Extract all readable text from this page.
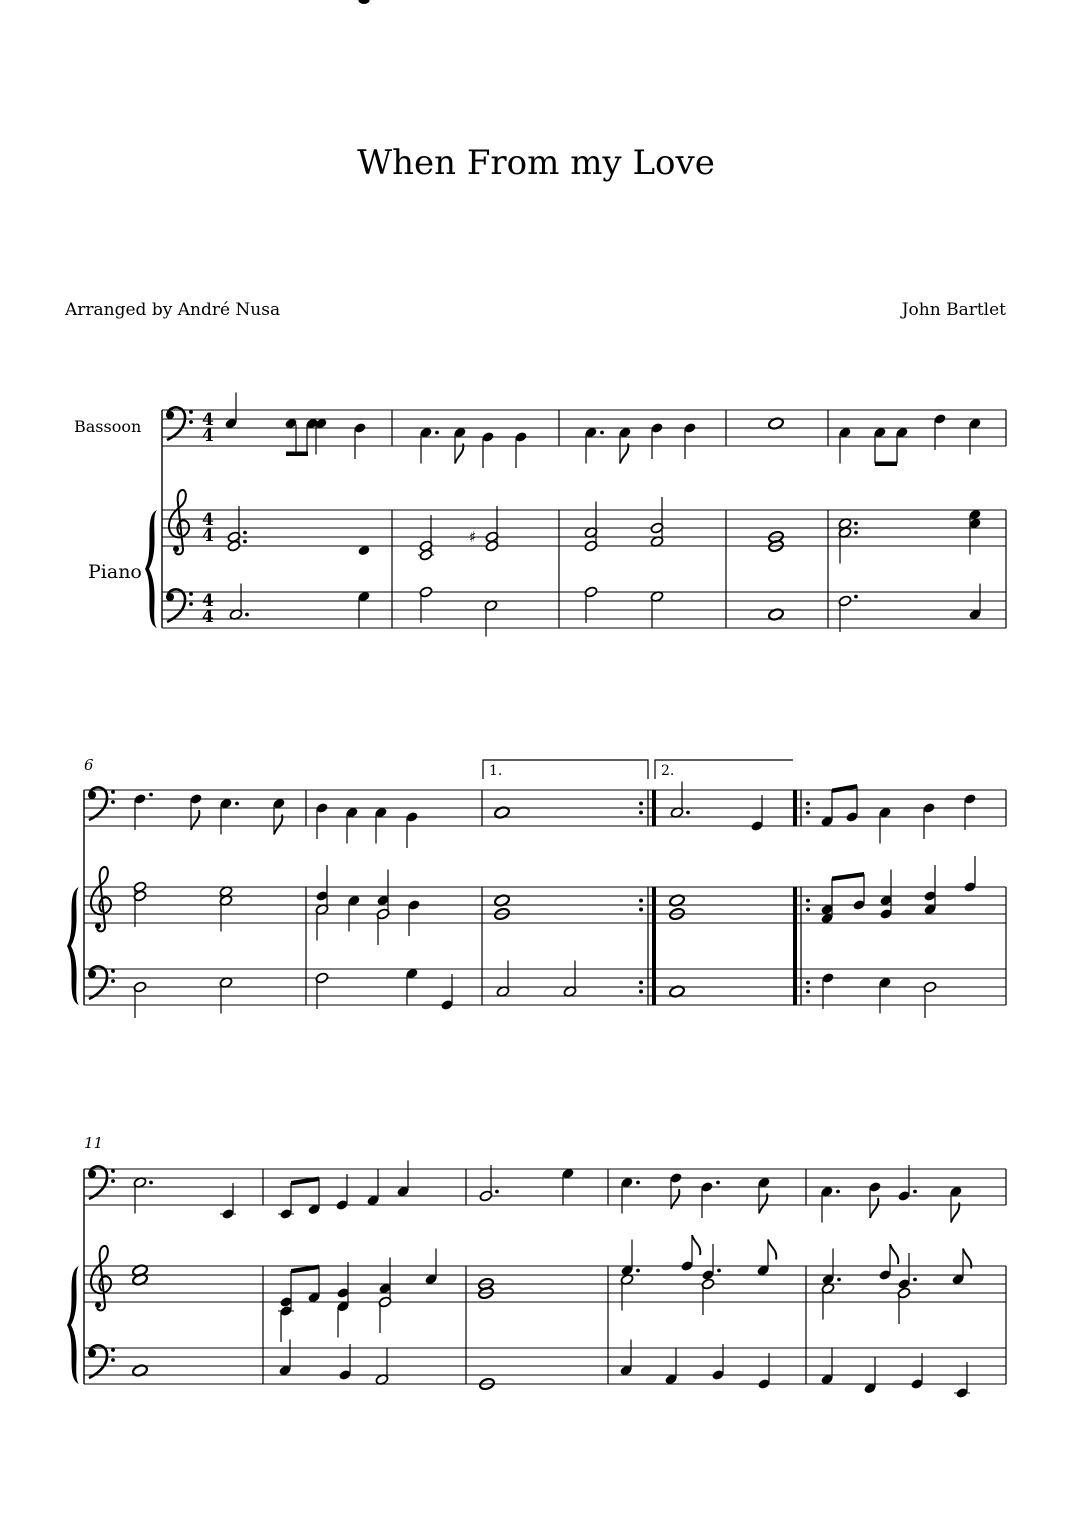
When From my Love
Arranged by André Nusa	John Bartlet
Bassoon
Piano
6
11
4
4
4
4
4
4
1.	2.
♯
